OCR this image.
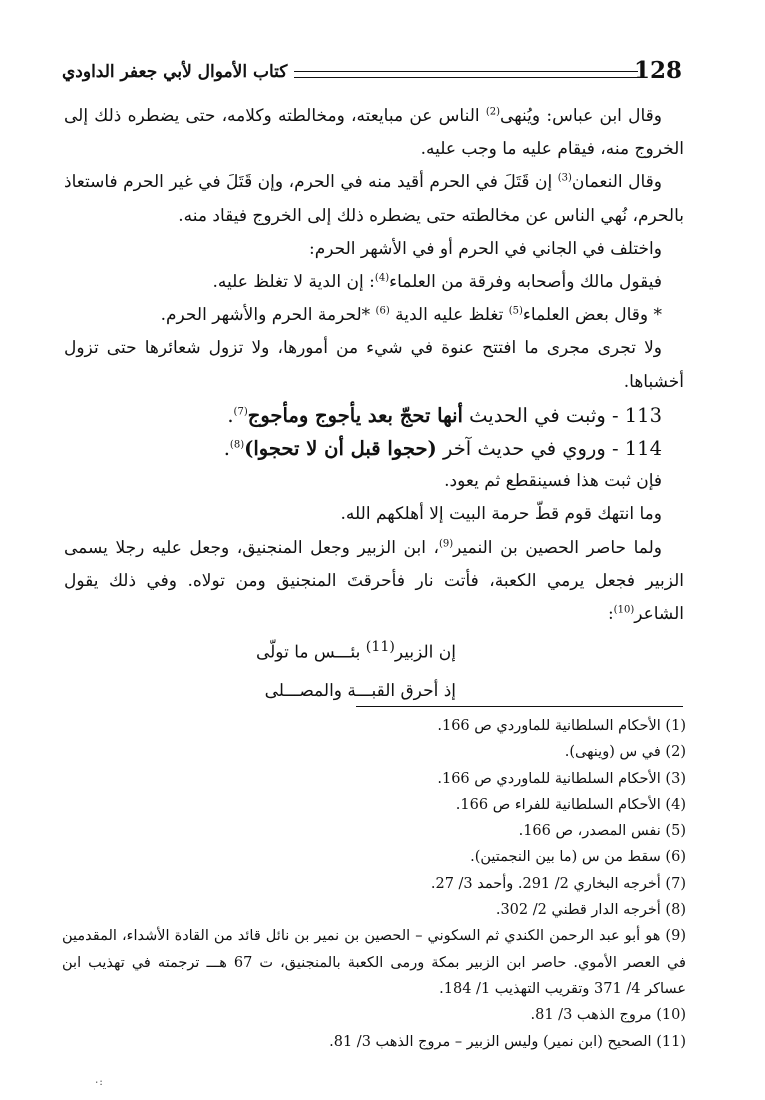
كتاب الأموال لأبي جعفر الداودي	128

وقال ابن عباس: ويُنهى$^{(2)}$ الناس عن مبايعته، ومخالطته وكلامه، حتى يضطره ذلك إلى الخروج منه، فيقام عليه ما وجب عليه.

وقال النعمان$^{(3)}$ إن قَتَلَ في الحرم أقيد منه في الحرم، وإن قَتَلَ في غير الحرم فاستعاذ بالحرم، نُهي الناس عن مخالطته حتى يضطره ذلك إلى الخروج فيقاد منه.

واختلف في الجاني في الحرم أو في الأشهر الحرم:

فيقول مالك وأصحابه وفرقة من العلماء$^{(4)}$: إن الدية لا تغلظ عليه.

* وقال بعض العلماء$^{(5)}$ تغلظ عليه الدية $^{(6)}$ *لحرمة الحرم والأشهر الحرم.

ولا تجرى مجرى ما افتتح عنوة في شيء من أمورها، ولا تزول شعائرها حتى تزول أخشباها.

113 - وثبت في الحديث أنها تحجّ بعد يأجوج ومأجوج$^{(7)}$.

114 - وروي في حديث آخر (حجوا قبل أن لا تحجوا)$^{(8)}$.

فإن ثبت هذا فسينقطع ثم يعود.

وما انتهك قوم قطّ حرمة البيت إلا أهلكهم الله.

ولما حاصر الحصين بن النمير$^{(9)}$، ابن الزبير وجعل المنجنيق، وجعل عليه رجلا يسمى الزبير فجعل يرمي الكعبة، فأتت نار فأحرقتَ المنجنيق ومن تولاه. وفي ذلك يقول الشاعر$^{(10)}$:

إن الزبير$^{(11)}$ بئـــس ما تولّى
إذ أحرق القبـــة والمصـــلى
(1) الأحكام السلطانية للماوردي ص 166.
(2) في س (وينهى).
(3) الأحكام السلطانية للماوردي ص 166.
(4) الأحكام السلطانية للفراء ص 166.
(5) نفس المصدر، ص 166.
(6) سقط من س (ما بين النجمتين).
(7) أخرجه البخاري 2/ 291. وأحمد 3/ 27.
(8) أخرجه الدار قطني 2/ 302.
(9) هو أبو عبد الرحمن الكندي ثم السكوني – الحصين بن نمير بن نائل قائد من القادة الأشداء، المقدمين في العصر الأموي. حاصر ابن الزبير بمكة ورمى الكعبة بالمنجنيق، ت 67 هـــ ترجمته في تهذيب ابن عساكر 4/ 371 وتقريب التهذيب 1/ 184.
(10) مروج الذهب 3/ 81.
(11) الصحيح (ابن نمير) وليس الزبير – مروج الذهب 3/ 81.
٠:
